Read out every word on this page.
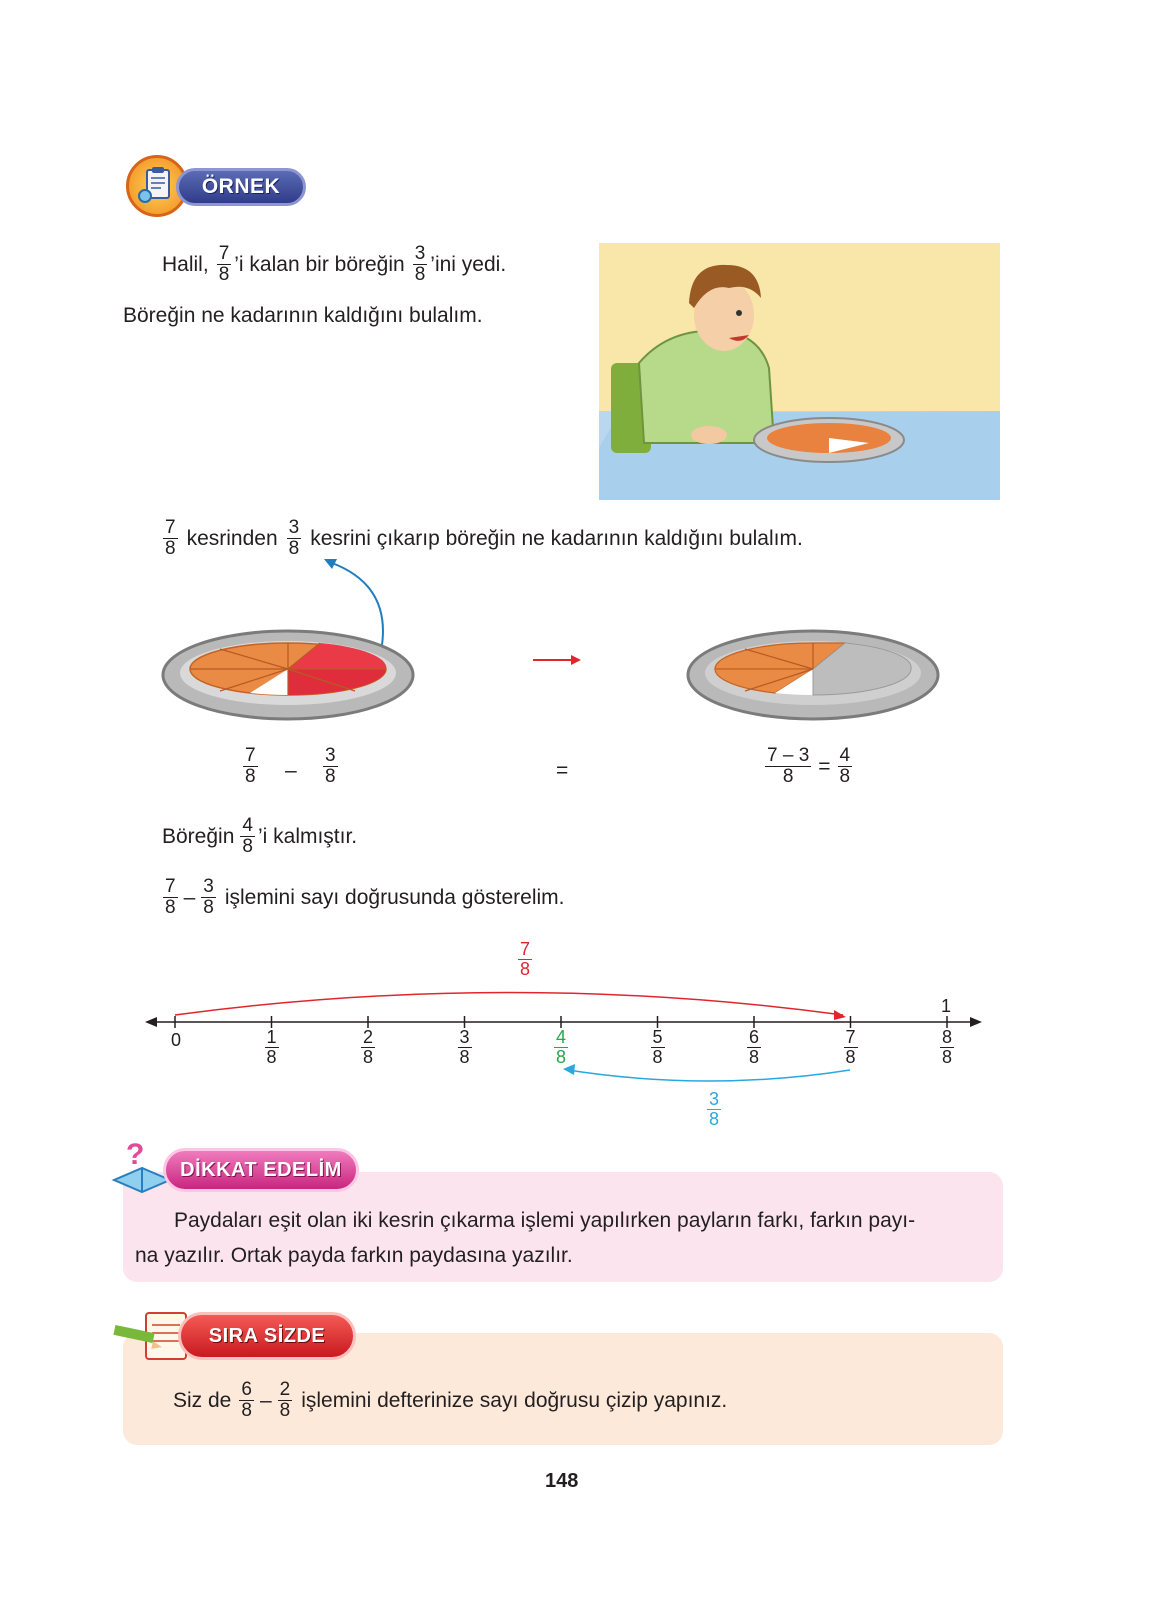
ÖRNEK
Halil, $\frac{7}{8}$ ’i kalan bir böreğin $\frac{3}{8}$ ’ini yedi.
Böreğin ne kadarının kaldığını bulalım.
$\frac{7}{8}$ kesrinden $\frac{3}{8}$ kesrini çıkarıp böreğin ne kadarının kaldığını bulalım.
$\frac{7}{8} - \frac{3}{8}$	=	$\frac{7 - 3}{8} = \frac{4}{8}$
Böreğin $\frac{4}{8}$ ’i kalmıştır.
$\frac{7}{8} - \frac{3}{8}$ işlemini sayı doğrusunda gösterelim.
0
1
$\frac{1}{8}$	$\frac{2}{8}$	$\frac{3}{8}$	$\frac{4}{8}$	$\frac{5}{8}$	$\frac{6}{8}$	$\frac{7}{8}$	$\frac{8}{8}$
$\frac{7}{8}$
$\frac{3}{8}$
?	DİKKAT EDELİM
Paydaları eşit olan iki kesrin çıkarma işlemi yapılırken payların farkı, farkın payı-
na yazılır. Ortak payda farkın paydasına yazılır.
SIRA SİZDE
Siz de $\frac{6}{8} - \frac{2}{8}$ işlemini defterinize sayı doğrusu çizip yapınız.
148
